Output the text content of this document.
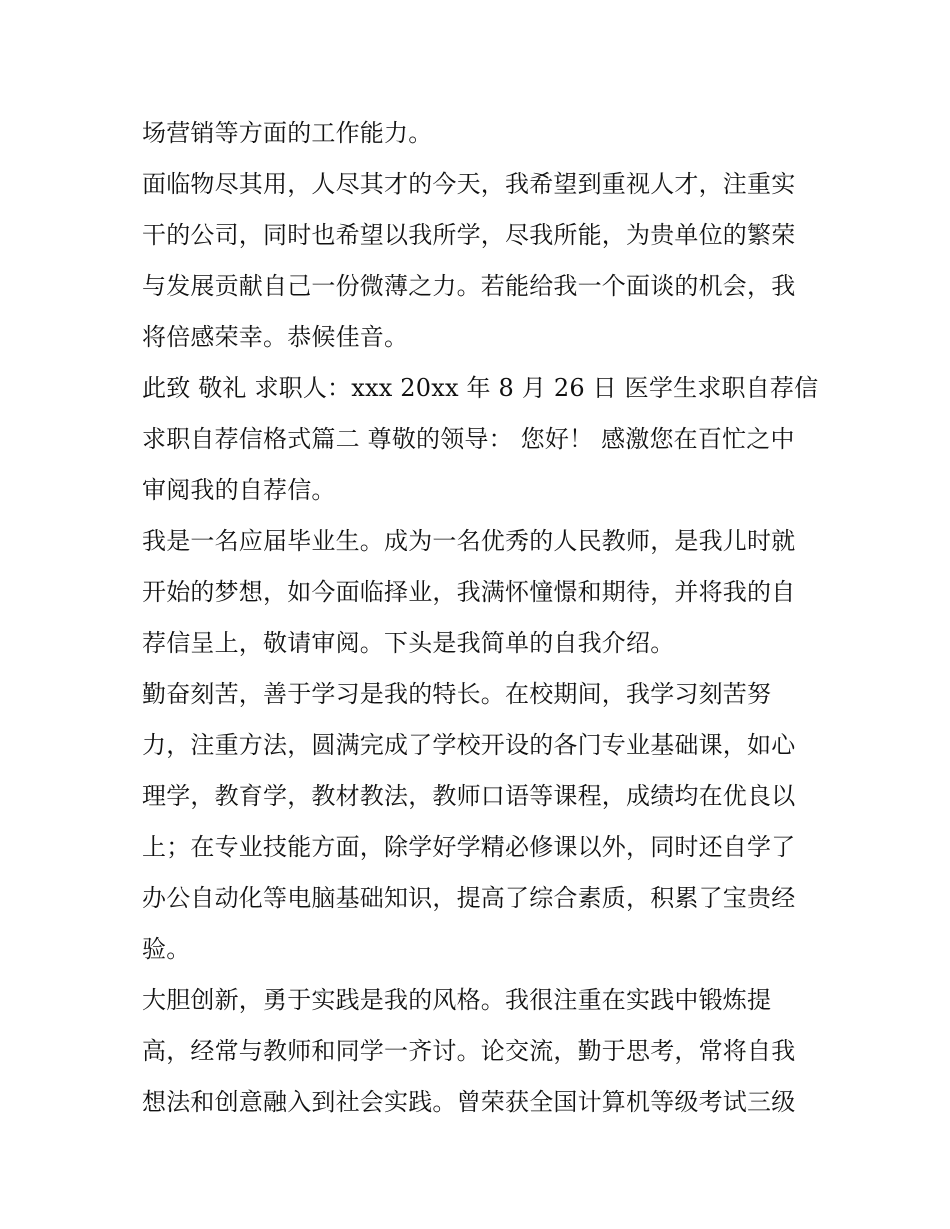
场营销等方面的工作能力。

面临物尽其用，人尽其才的今天，我希望到重视人才，注重实

干的公司，同时也希望以我所学，尽我所能，为贵单位的繁荣

与发展贡献自己一份微薄之力。若能给我一个面谈的机会，我

将倍感荣幸。恭候佳音。

此致 敬礼 求职人：xxx 20xx 年 8 月 26 日 医学生求职自荐信

求职自荐信格式篇二 尊敬的领导： 您好！ 感激您在百忙之中

审阅我的自荐信。

我是一名应届毕业生。成为一名优秀的人民教师，是我儿时就

开始的梦想，如今面临择业，我满怀憧憬和期待，并将我的自

荐信呈上，敬请审阅。下头是我简单的自我介绍。

勤奋刻苦，善于学习是我的特长。在校期间，我学习刻苦努

力，注重方法，圆满完成了学校开设的各门专业基础课，如心

理学，教育学，教材教法，教师口语等课程，成绩均在优良以

上；在专业技能方面，除学好学精必修课以外，同时还自学了

办公自动化等电脑基础知识，提高了综合素质，积累了宝贵经

验。

大胆创新，勇于实践是我的风格。我很注重在实践中锻炼提

高，经常与教师和同学一齐讨。论交流，勤于思考，常将自我

想法和创意融入到社会实践。曾荣获全国计算机等级考试三级
